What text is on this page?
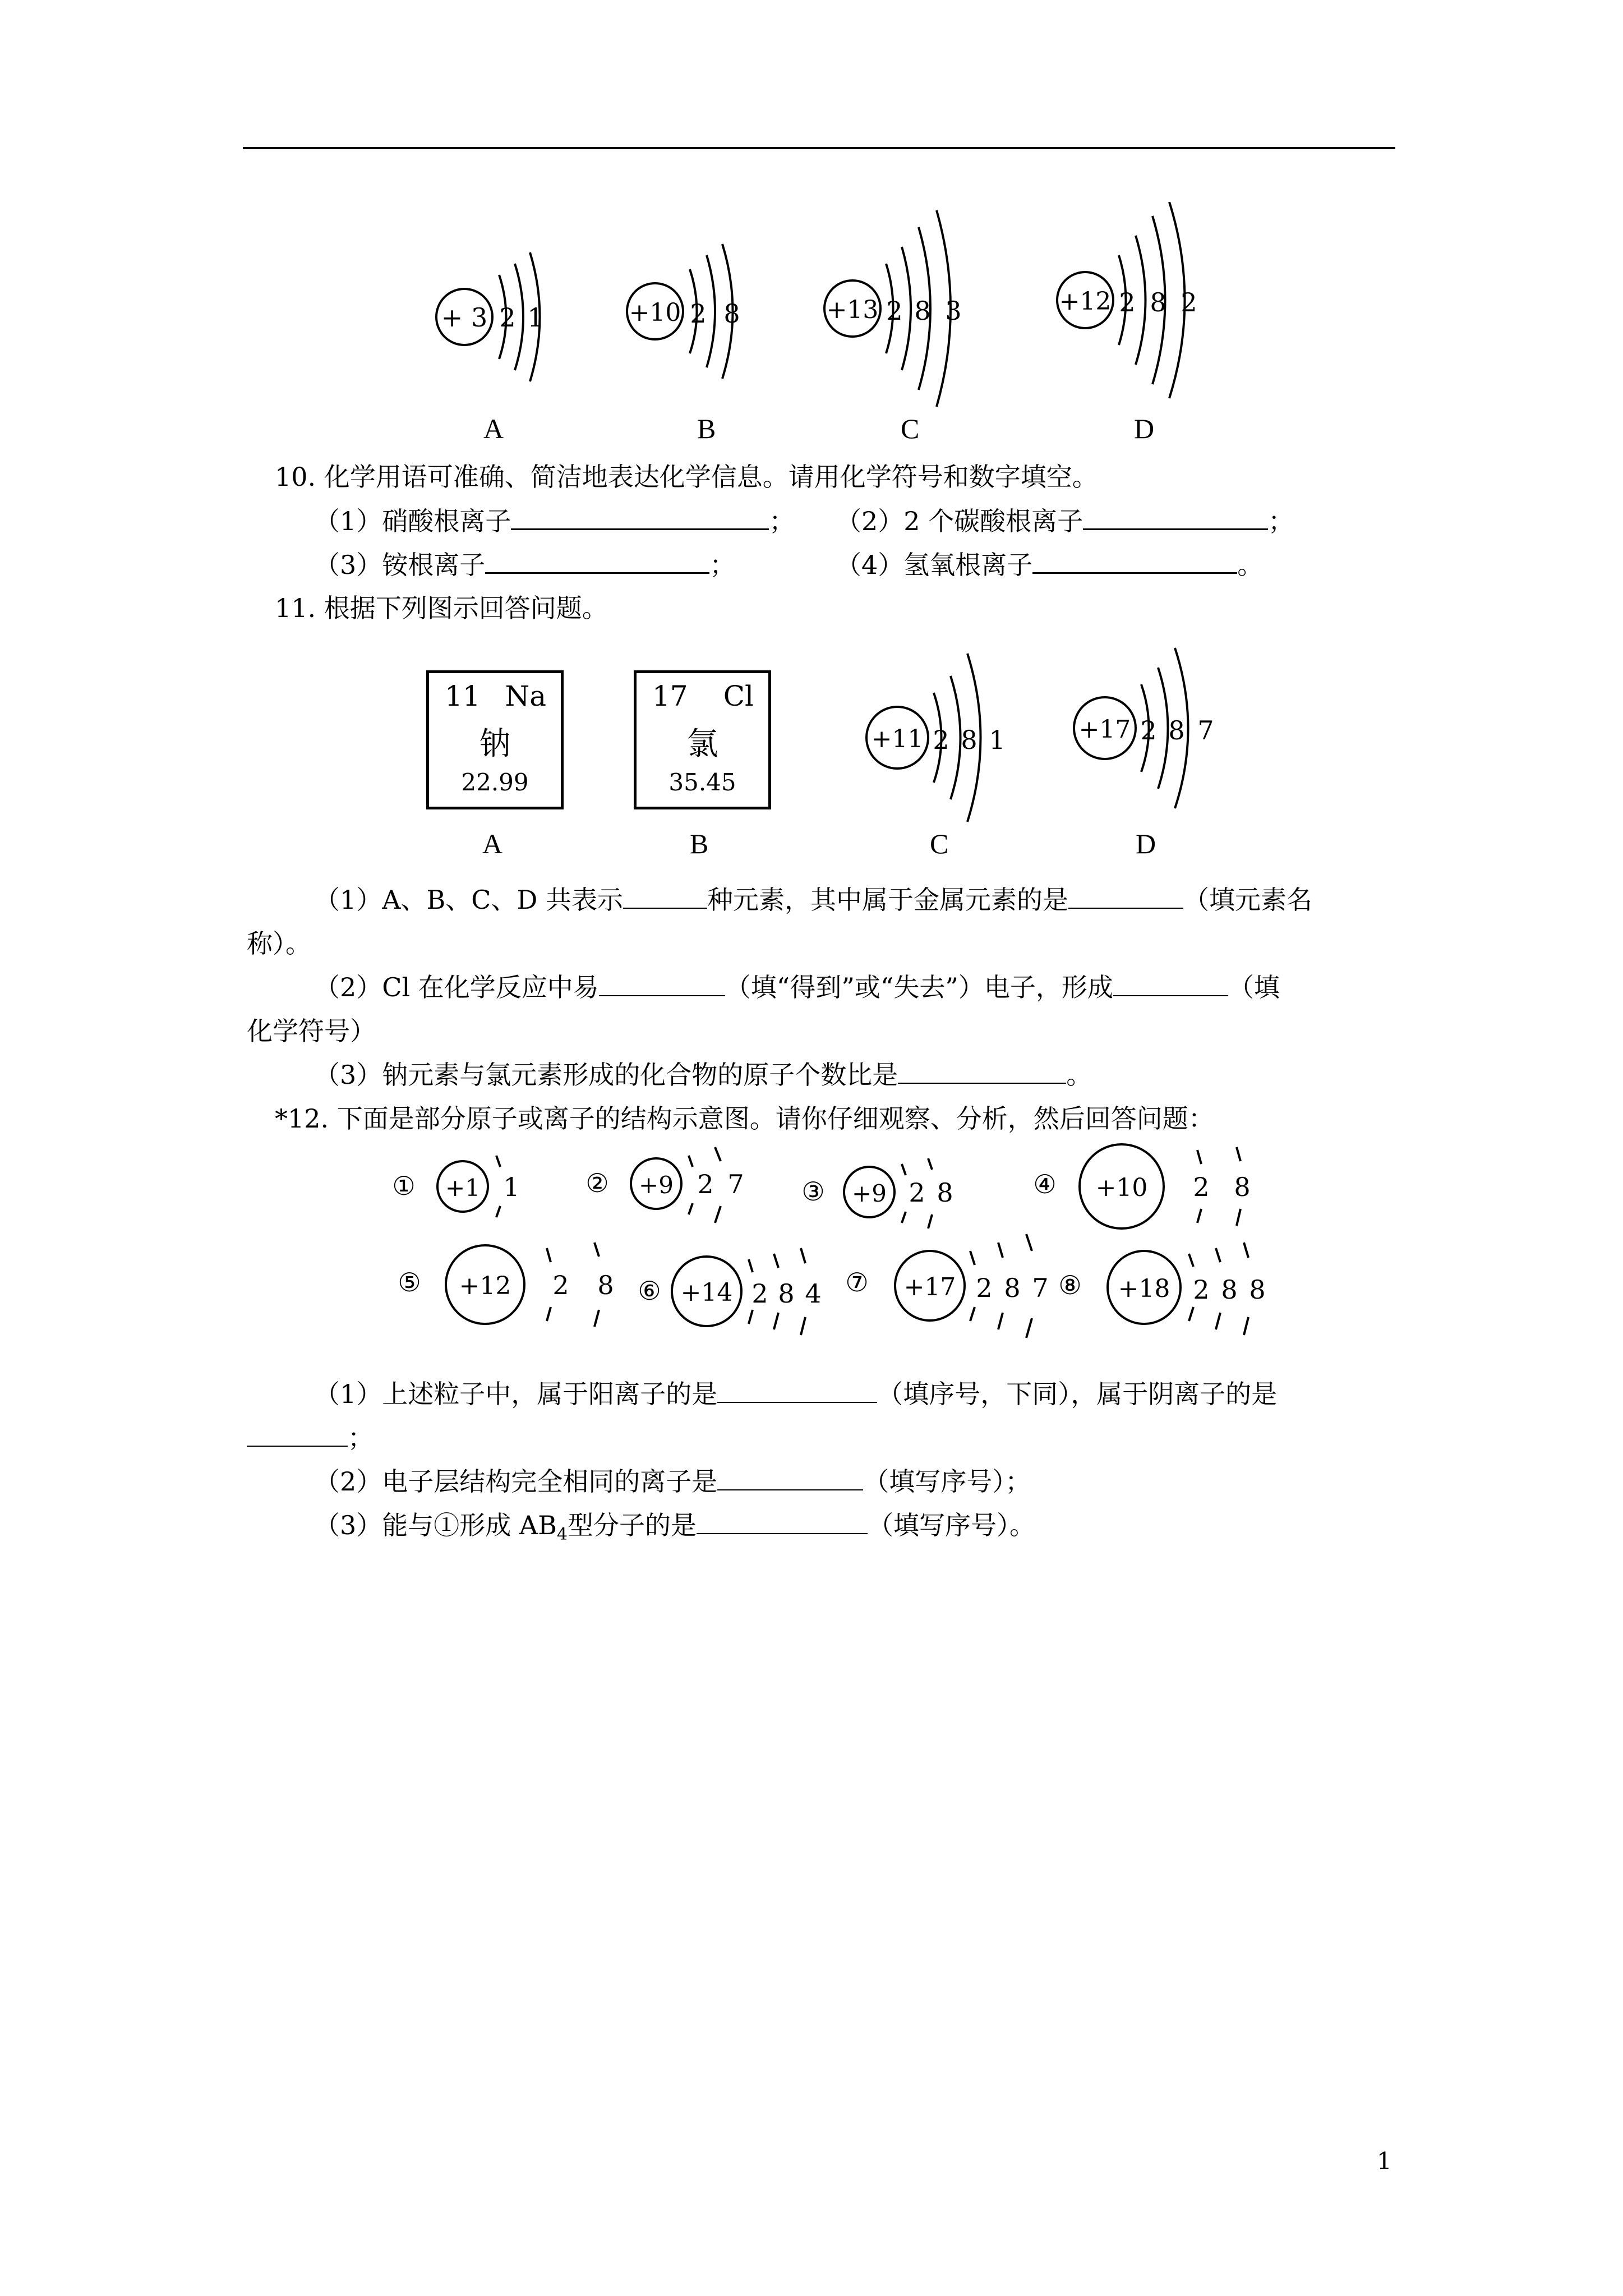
+ 3 2 1	+10 2 8	+13 2 8 3	+12 2 8 2
A	B	C	D
10. 化学用语可准确、简洁地表达化学信息。请用化学符号和数字填空。
（1）硝酸根离子	； （2）2 个碳酸根离子	；
（3）铵根离子	；	（4）氢氧根离子	。
11. 根据下列图示回答问题。
11 Na
钠
22.99
17 Cl
氯
35.45
+11 2 8 1	+17 2 8 7
A	B	C	D
（1）A、B、C、D 共表示	种元素，其中属于金属元素的是	（填元素名
称）。
（2）Cl 在化学反应中易	（填“得到”或“失去”）电子，形成	（填
化学符号）
（3）钠元素与氯元素形成的化合物的原子个数比是	。
*12. 下面是部分原子或离子的结构示意图。请你仔细观察、分析，然后回答问题：
① +1 1	② +9 2 7 ③ +9 2 8	④ +10 2 8
⑤ +12 2 8 ⑥ +14 2 8 4 ⑦ +17 2 8 7 ⑧ +18 2 8 8
（1）上述粒子中，属于阳离子的是	（填序号，下同），属于阴离子的是
；
（2）电子层结构完全相同的离子是	（填写序号）；
（3）能与①形成 $AB_4$型分子的是	（填写序号）。
1
